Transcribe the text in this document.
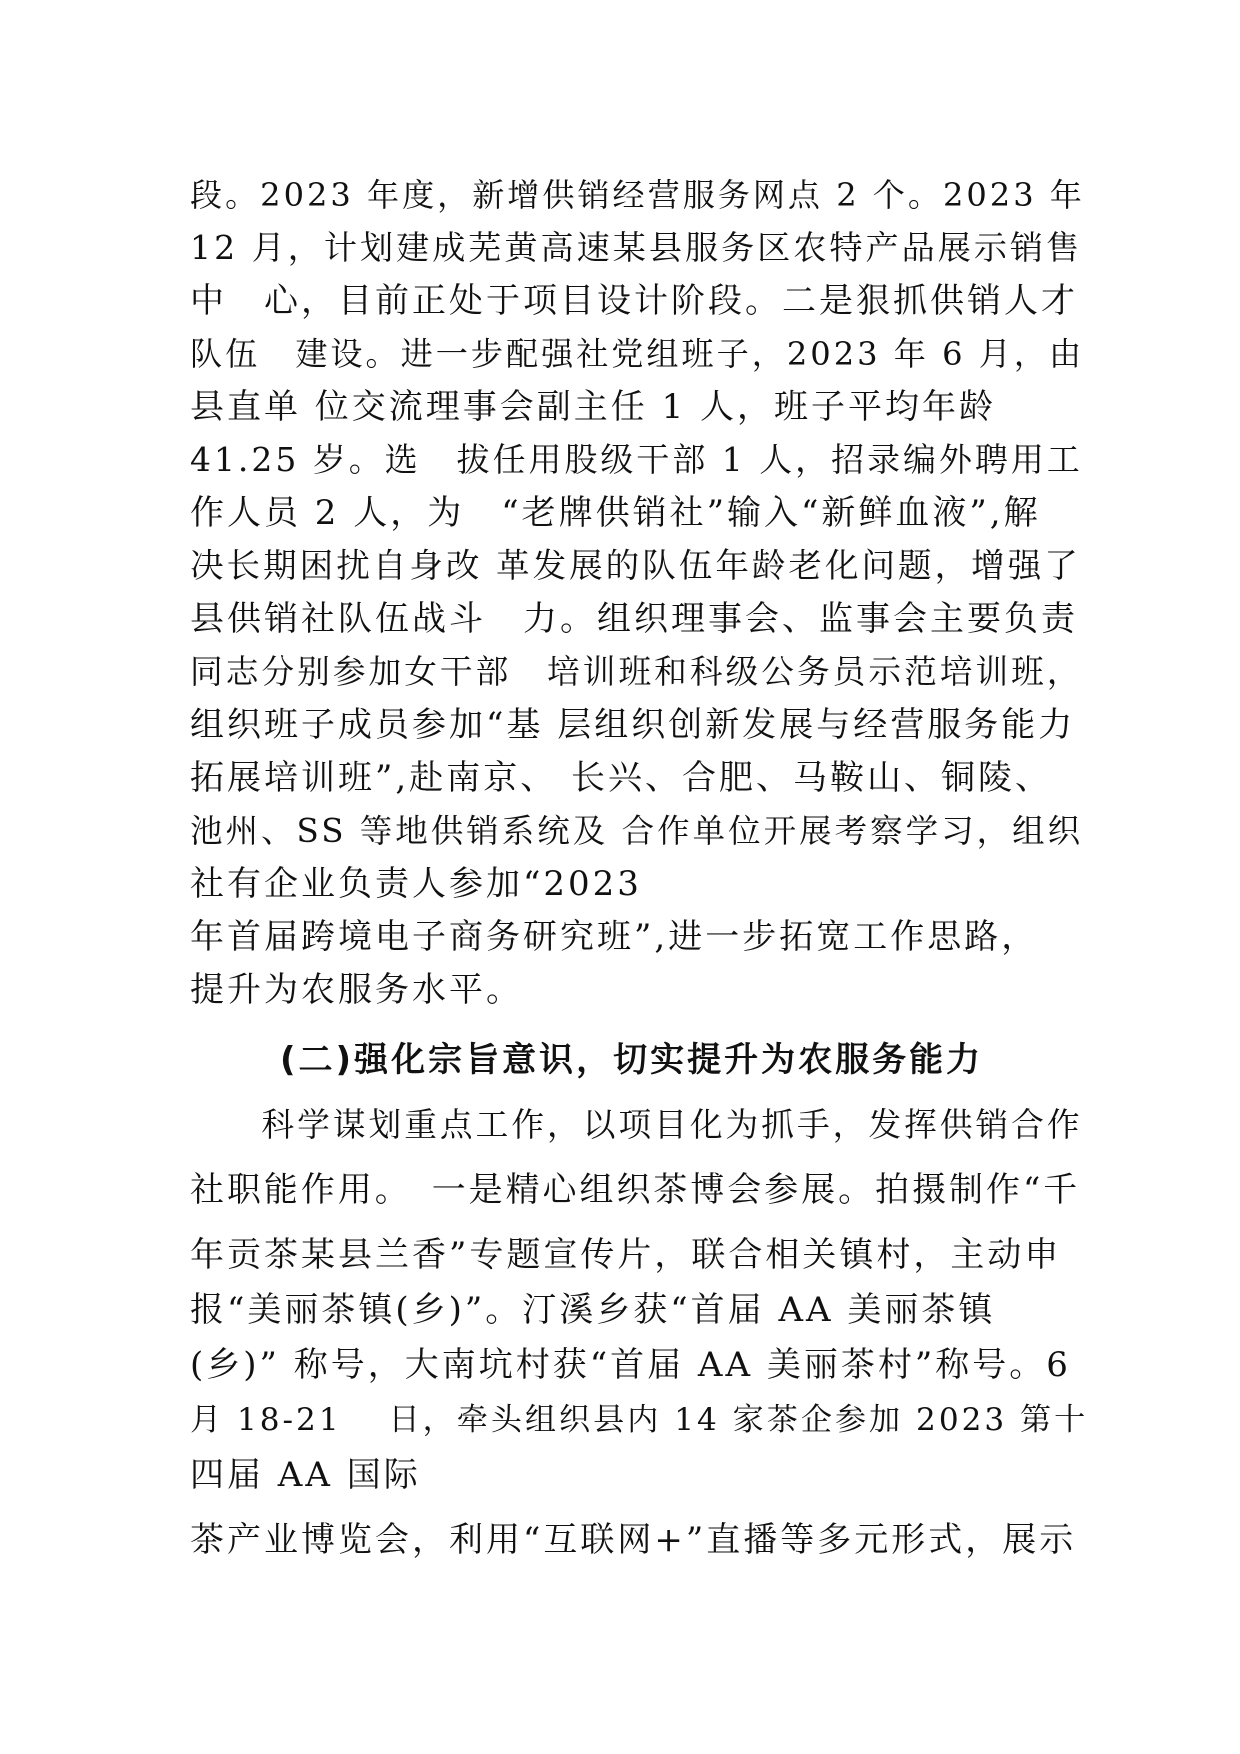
段。2023 年度，新增供销经营服务网点 2 个。2023 年
12 月，计划建成芜黄高速某县服务区农特产品展示销售
中　心，目前正处于项目设计阶段。二是狠抓供销人才
队伍　建设。进一步配强社党组班子，2023 年 6 月，由
县直单 位交流理事会副主任 1 人，班子平均年龄
41.25 岁。选　拔任用股级干部 1 人，招录编外聘用工
作人员 2 人，为　“老牌供销社”输入“新鲜血液”,解
决长期困扰自身改 革发展的队伍年龄老化问题，增强了
县供销社队伍战斗　力。组织理事会、监事会主要负责
同志分别参加女干部　培训班和科级公务员示范培训班，
组织班子成员参加“基 层组织创新发展与经营服务能力
拓展培训班”,赴南京、 长兴、合肥、马鞍山、铜陵、
池州、SS 等地供销系统及 合作单位开展考察学习，组织
社有企业负责人参加“2023
年首届跨境电子商务研究班”,进一步拓宽工作思路，
提升为农服务水平。
(二)强化宗旨意识，切实提升为农服务能力
　　科学谋划重点工作，以项目化为抓手，发挥供销合作
社职能作用。　一是精心组织茶博会参展。拍摄制作“千
年贡茶某县兰香”专题宣传片，联合相关镇村，主动申
报“美丽茶镇(乡)”。汀溪乡获“首届 AA 美丽茶镇
(乡)” 称号，大南坑村获“首届 AA 美丽茶村”称号。6
月 18-21　 日，牵头组织县内 14 家茶企参加 2023 第十
四届 AA 国际
茶产业博览会，利用“互联网+”直播等多元形式，展示
